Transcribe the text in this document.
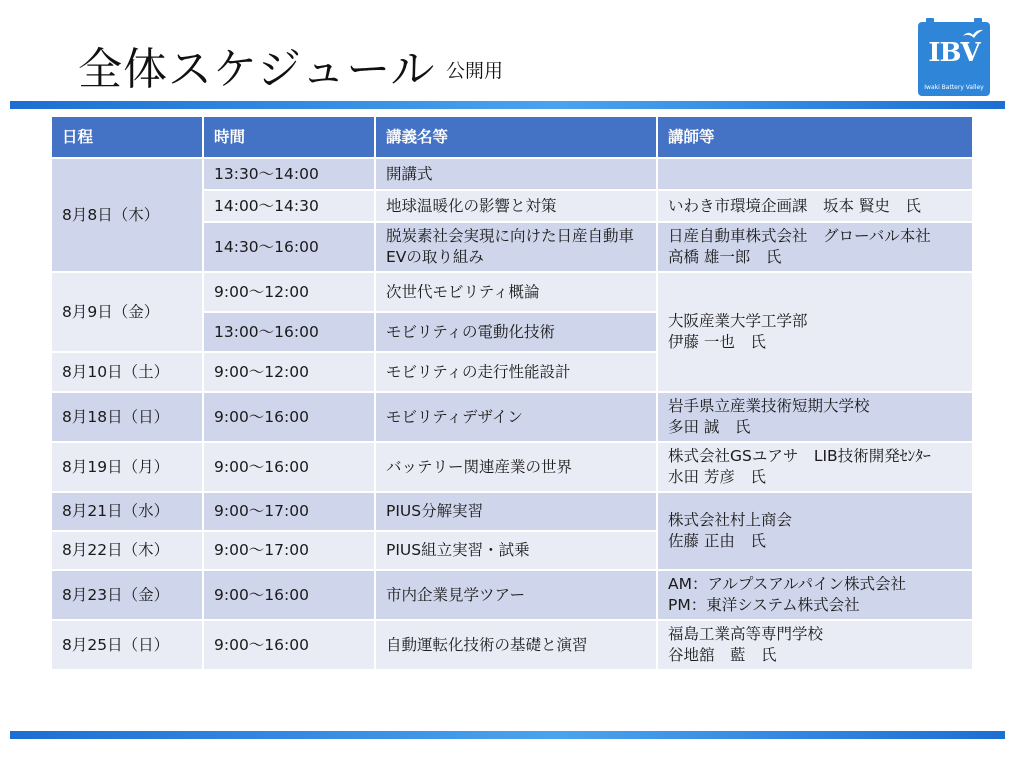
全体スケジュール 公開用
IBV
Iwaki Battery Valley
日程	時間	講義名等	講師等
8月8日（木）	13:30～14:00	開講式	
	14:00～14:30	地球温暖化の影響と対策	いわき市環境企画課　坂本 賢史　氏
	14:30～16:00	脱炭素社会実現に向けた日産自動車 EVの取り組み	日産自動車株式会社　グローバル本社
高橋 雄一郎　氏

8月9日（金）	9:00～12:00	次世代モビリティ概論	大阪産業大学工学部
伊藤 一也　氏

	13:00～16:00	モビリティの電動化技術	
8月10日（土）	9:00～12:00	モビリティの走行性能設計	
8月18日（日）	9:00～16:00	モビリティデザイン	岩手県立産業技術短期大学校
多田 誠　氏

8月19日（月）	9:00～16:00	バッテリー関連産業の世界	株式会社GSユアサ　LIB技術開発ｾﾝﾀｰ
水田 芳彦　氏

8月21日（水）	9:00～17:00	PIUS分解実習	株式会社村上商会
佐藤 正由　氏

8月22日（木）	9:00～17:00	PIUS組立実習・試乗	
8月23日（金）	9:00～16:00	市内企業見学ツアー	AM：アルプスアルパイン株式会社
PM：東洋システム株式会社

8月25日（日）	9:00～16:00	自動運転化技術の基礎と演習	福島工業高等専門学校
谷地舘　藍　氏
